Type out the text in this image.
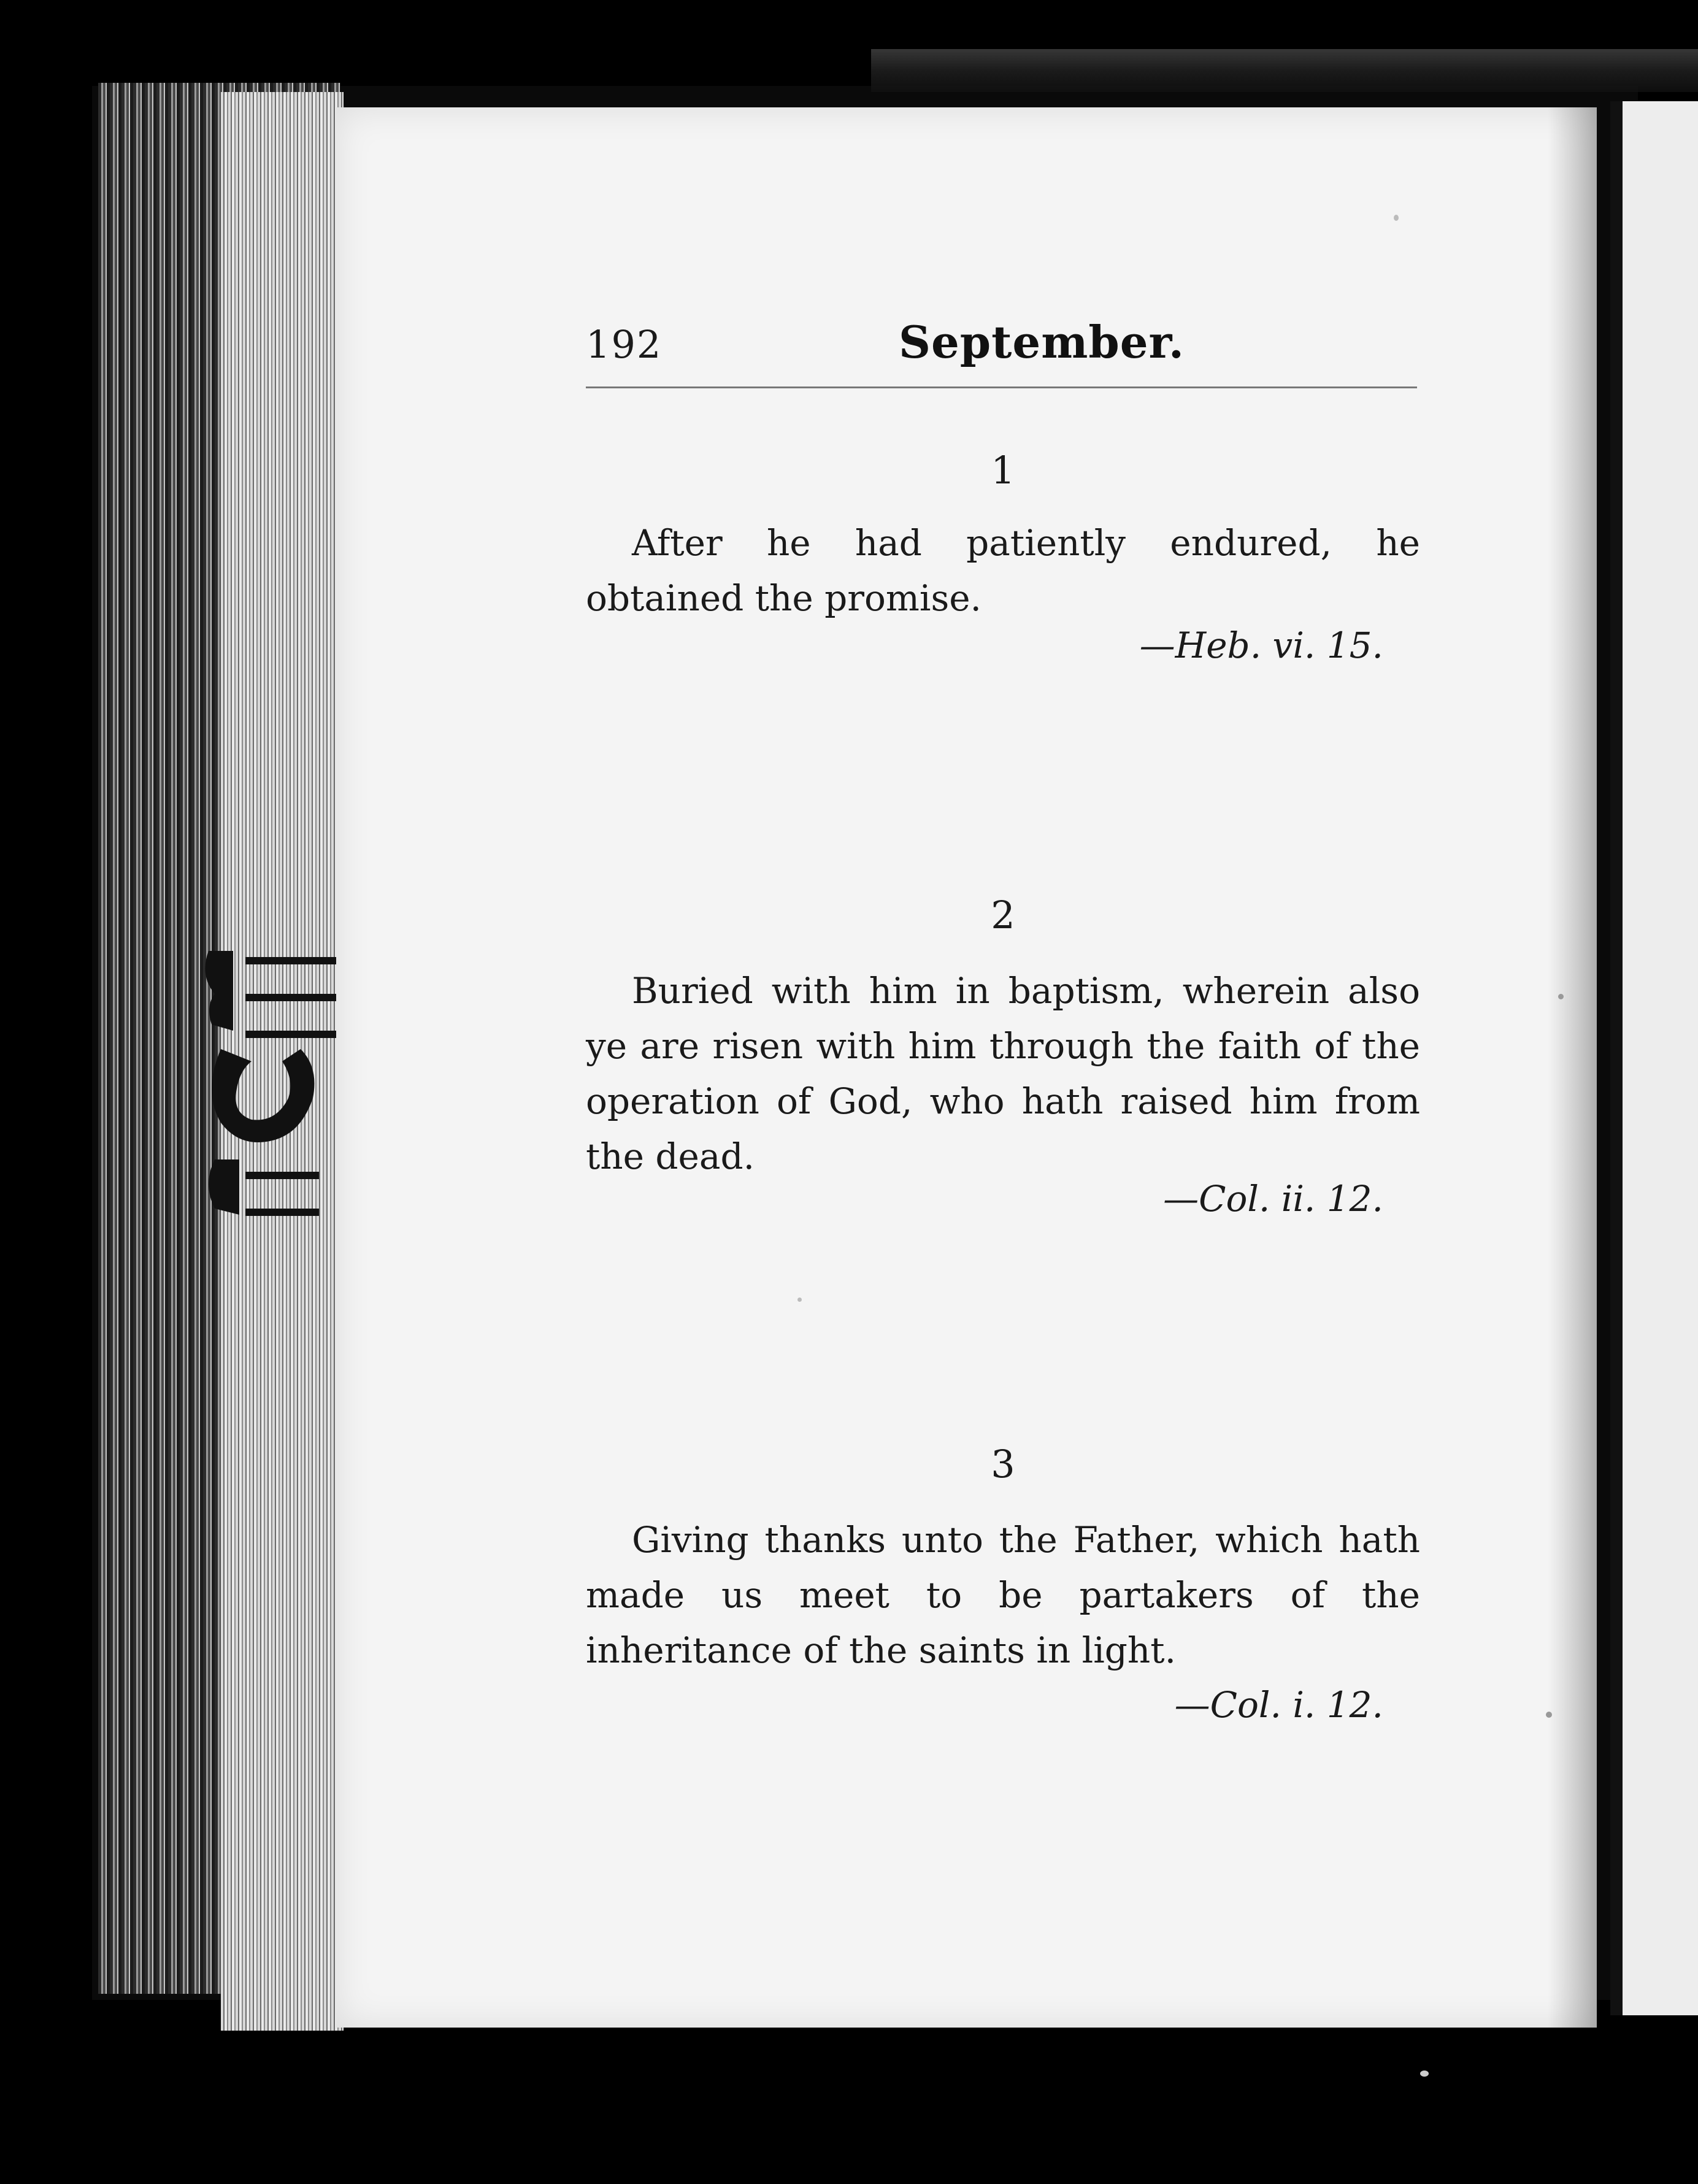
192	September.
1
After he had patiently endured, he obtained the promise.
—Heb. vi. 15.
2
Buried with him in baptism, wherein also ye are risen with him through the faith of the operation of God, who hath raised him from the dead.
—Col. ii. 12.
3
Giving thanks unto the Father, which hath made us meet to be partakers of the inheritance of the saints in light.
—Col. i. 12.
